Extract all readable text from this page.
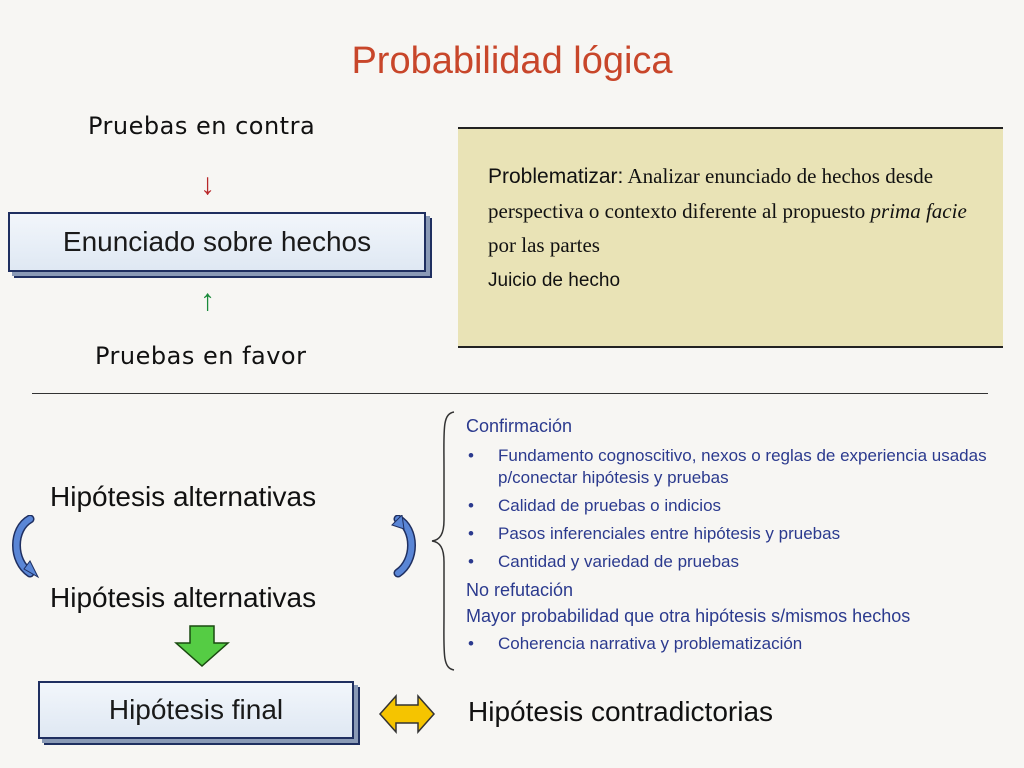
Probabilidad lógica
Pruebas en contra
↓
Enunciado sobre hechos
↑
Pruebas en favor
Problematizar: Analizar enunciado de hechos desde perspectiva o contexto diferente al propuesto prima facie por las partes
Juicio de hecho
Hipótesis alternativas
Hipótesis alternativas
Hipótesis final	Hipótesis contradictorias
Confirmación
• Fundamento cognoscitivo, nexos o reglas de experiencia usadas p/conectar hipótesis y pruebas
• Calidad de pruebas o indicios
• Pasos inferenciales entre hipótesis y pruebas
• Cantidad y variedad de pruebas
No refutación
Mayor probabilidad que otra hipótesis s/mismos hechos
• Coherencia narrativa y problematización
